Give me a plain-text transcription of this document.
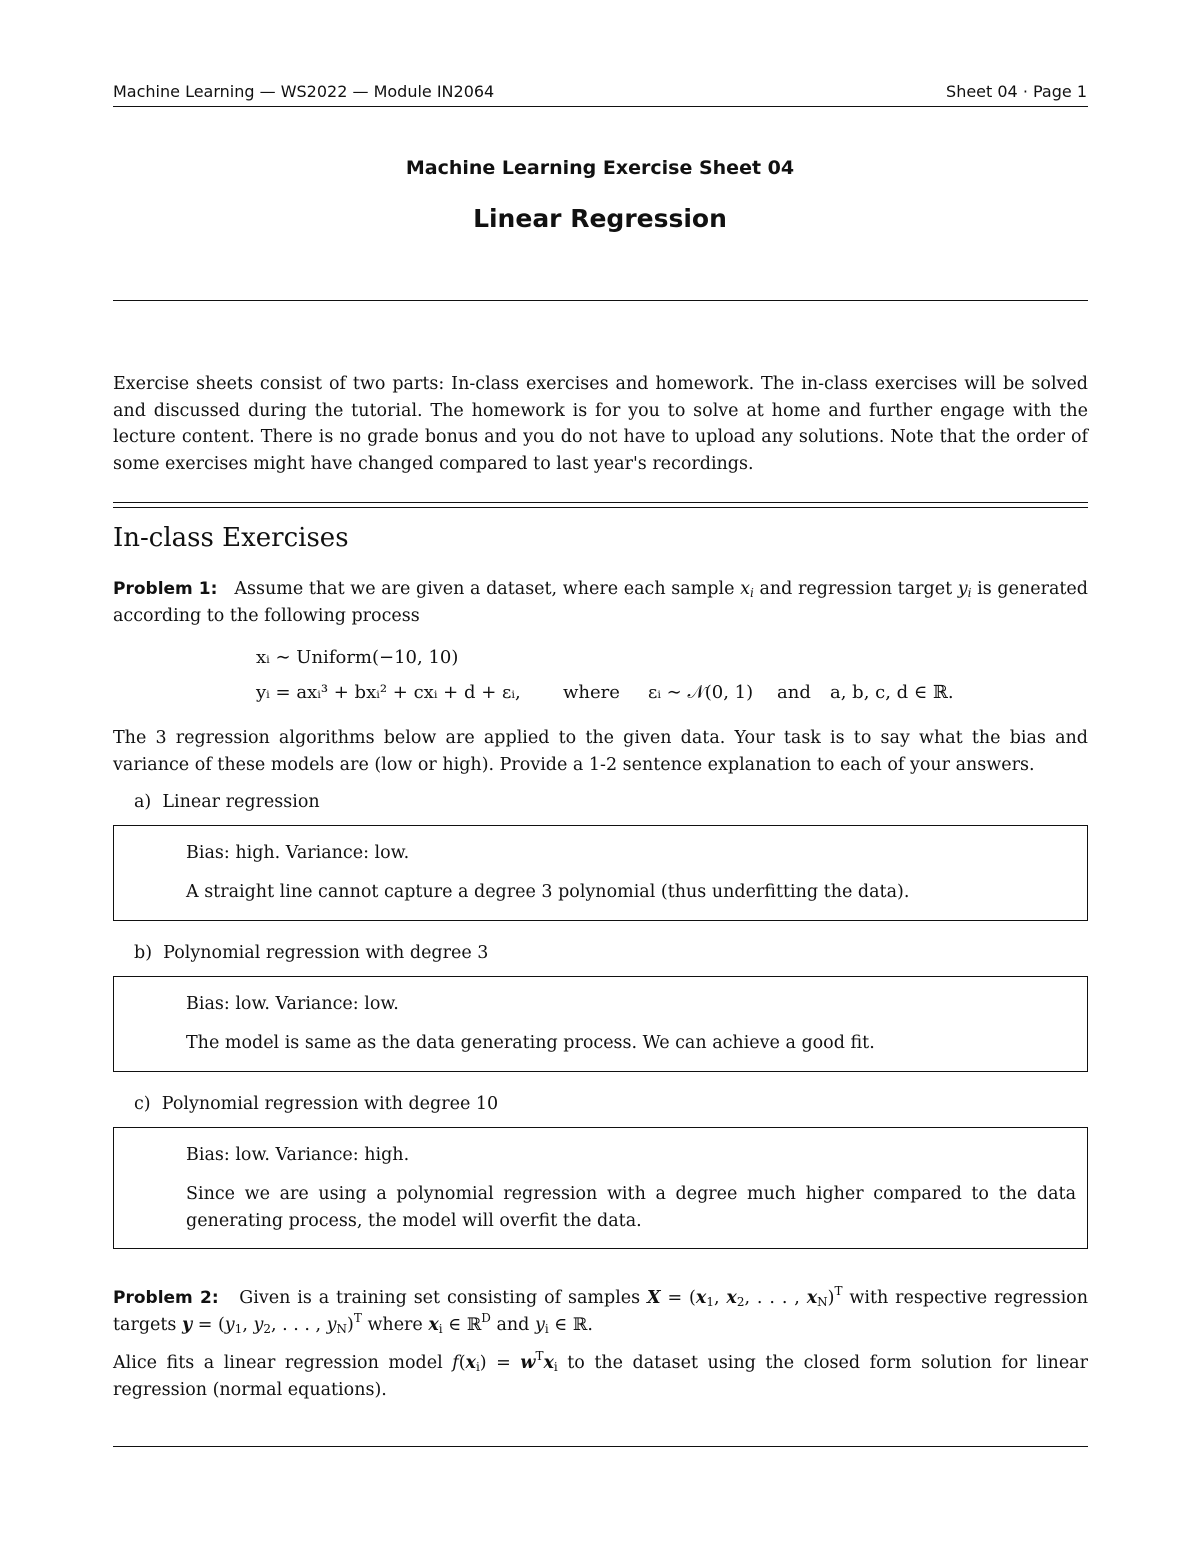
Machine Learning — WS2022 — Module IN2064	Sheet 04 · Page 1
Machine Learning Exercise Sheet 04
Linear Regression

Exercise sheets consist of two parts: In-class exercises and homework. The in-class exercises will be solved and discussed during the tutorial. The homework is for you to solve at home and further engage with the lecture content. There is no grade bonus and you do not have to upload any solutions. Note that the order of some exercises might have changed compared to last year's recordings.

In-class Exercises

Problem 1: Assume that we are given a dataset, where each sample $x_i$ and regression target $y_i$ is generated according to the following process

xᵢ ∼ Uniform(−10, 10)
yᵢ = axᵢ³ + bxᵢ² + cxᵢ + d + εᵢ, where εᵢ ∼ 𝒩(0, 1) and a, b, c, d ∈ ℝ.

The 3 regression algorithms below are applied to the given data. Your task is to say what the bias and variance of these models are (low or high). Provide a 1-2 sentence explanation to each of your answers.

a) Linear regression
Bias: high. Variance: low.
A straight line cannot capture a degree 3 polynomial (thus underfitting the data).
b) Polynomial regression with degree 3
Bias: low. Variance: low.
The model is same as the data generating process. We can achieve a good fit.
c) Polynomial regression with degree 10
Bias: low. Variance: high.
Since we are using a polynomial regression with a degree much higher compared to the data generating process, the model will overfit the data.

Problem 2: Given is a training set consisting of samples $X = (x_1$, $x_2$, . . . , $x_N)^T$ with respective regression targets $y = (y_1$, $y_2$, . . . , $y_N)^T$ where $x_i$ ∈ ℝ$^D$ and $y_i$ ∈ ℝ.

Alice fits a linear regression model $f(x_i) = w^Tx_i$ to the dataset using the closed form solution for linear regression (normal equations).
